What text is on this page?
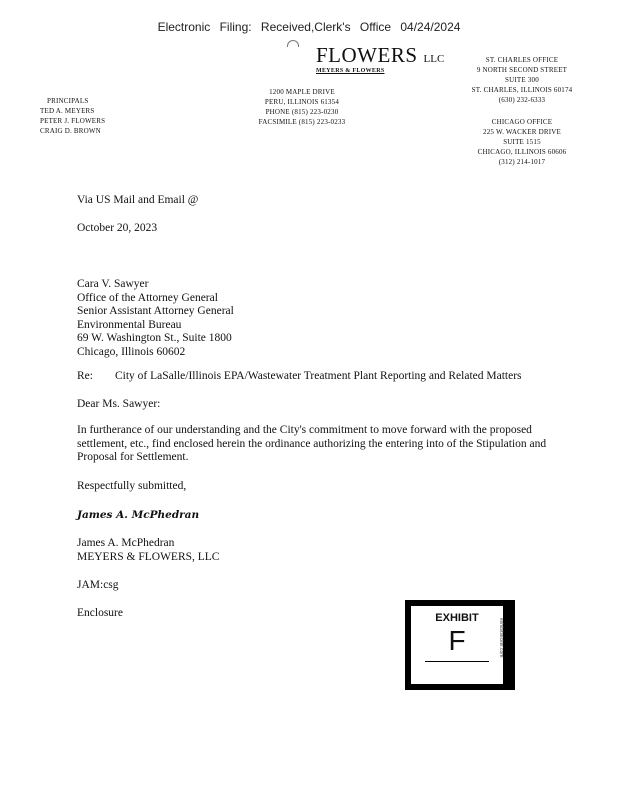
Electronic Filing: Received,Clerk's Office 04/24/2024
FLOWERS LLC
MEYERS & FLOWERS
1200 MAPLE DRIVE
PERU, ILLINOIS 61354
PHONE (815) 223-0230
FACSIMILE (815) 223-0233
PRINCIPALS
TED A. MEYERS
PETER J. FLOWERS
CRAIG D. BROWN
ST. CHARLES OFFICE
9 NORTH SECOND STREET
SUITE 300
ST. CHARLES, ILLINOIS 60174
(630) 232-6333
CHICAGO OFFICE
225 W. WACKER DRIVE
SUITE 1515
CHICAGO, ILLINOIS 60606
(312) 214-1017
Via US Mail and Email @
October 20, 2023
Cara V. Sawyer
Office of the Attorney General
Senior Assistant Attorney General
Environmental Bureau
69 W. Washington St., Suite 1800
Chicago, Illinois 60602
Re: City of LaSalle/Illinois EPA/Wastewater Treatment Plant Reporting and Related Matters
Dear Ms. Sawyer:
In furtherance of our understanding and the City's commitment to move forward with the proposed settlement, etc., find enclosed herein the ordinance authorizing the entering into of the Stipulation and Proposal for Settlement.
Respectfully submitted,
James A. McPhedran
James A. McPhedran
MEYERS & FLOWERS, LLC
JAM:csg
Enclosure	EXHIBIT
F	exhibitsticker.com
